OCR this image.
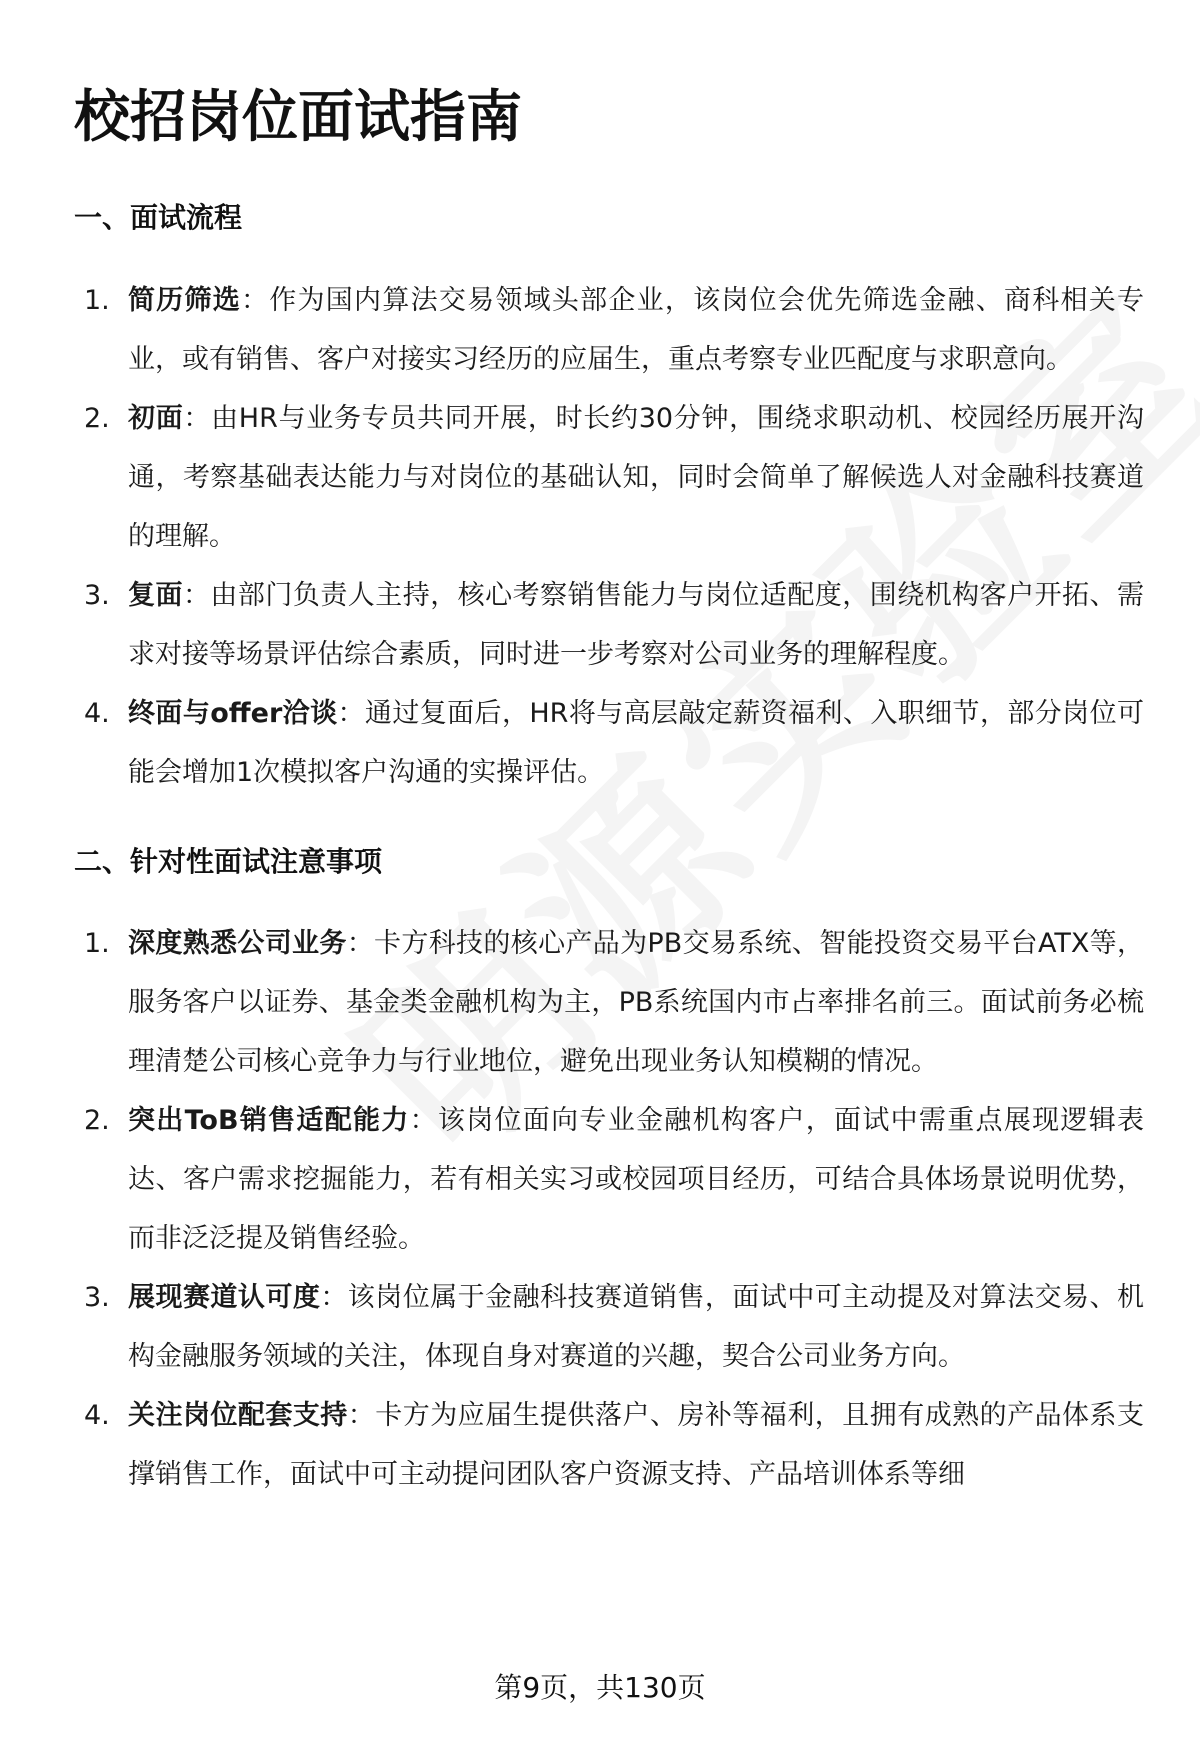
校招岗位面试指南
一、面试流程
1. 简历筛选：作为国内算法交易领域头部企业，该岗位会优先筛选金融、商科相关专业，或有销售、客户对接实习经历的应届生，重点考察专业匹配度与求职意向。
2. 初面：由HR与业务专员共同开展，时长约30分钟，围绕求职动机、校园经历展开沟通，考察基础表达能力与对岗位的基础认知，同时会简单了解候选人对金融科技赛道的理解。
3. 复面：由部门负责人主持，核心考察销售能力与岗位适配度，围绕机构客户开拓、需求对接等场景评估综合素质，同时进一步考察对公司业务的理解程度。
4. 终面与offer洽谈：通过复面后，HR将与高层敲定薪资福利、入职细节，部分岗位可能会增加1次模拟客户沟通的实操评估。
二、针对性面试注意事项
1. 深度熟悉公司业务：卡方科技的核心产品为PB交易系统、智能投资交易平台ATX等，服务客户以证券、基金类金融机构为主，PB系统国内市占率排名前三。面试前务必梳理清楚公司核心竞争力与行业地位，避免出现业务认知模糊的情况。
2. 突出ToB销售适配能力：该岗位面向专业金融机构客户，面试中需重点展现逻辑表达、客户需求挖掘能力，若有相关实习或校园项目经历，可结合具体场景说明优势，而非泛泛提及销售经验。
3. 展现赛道认可度：该岗位属于金融科技赛道销售，面试中可主动提及对算法交易、机构金融服务领域的关注，体现自身对赛道的兴趣，契合公司业务方向。
4. 关注岗位配套支持：卡方为应届生提供落户、房补等福利，且拥有成熟的产品体系支撑销售工作，面试中可主动提问团队客户资源支持、产品培训体系等细
第9页，共130页
